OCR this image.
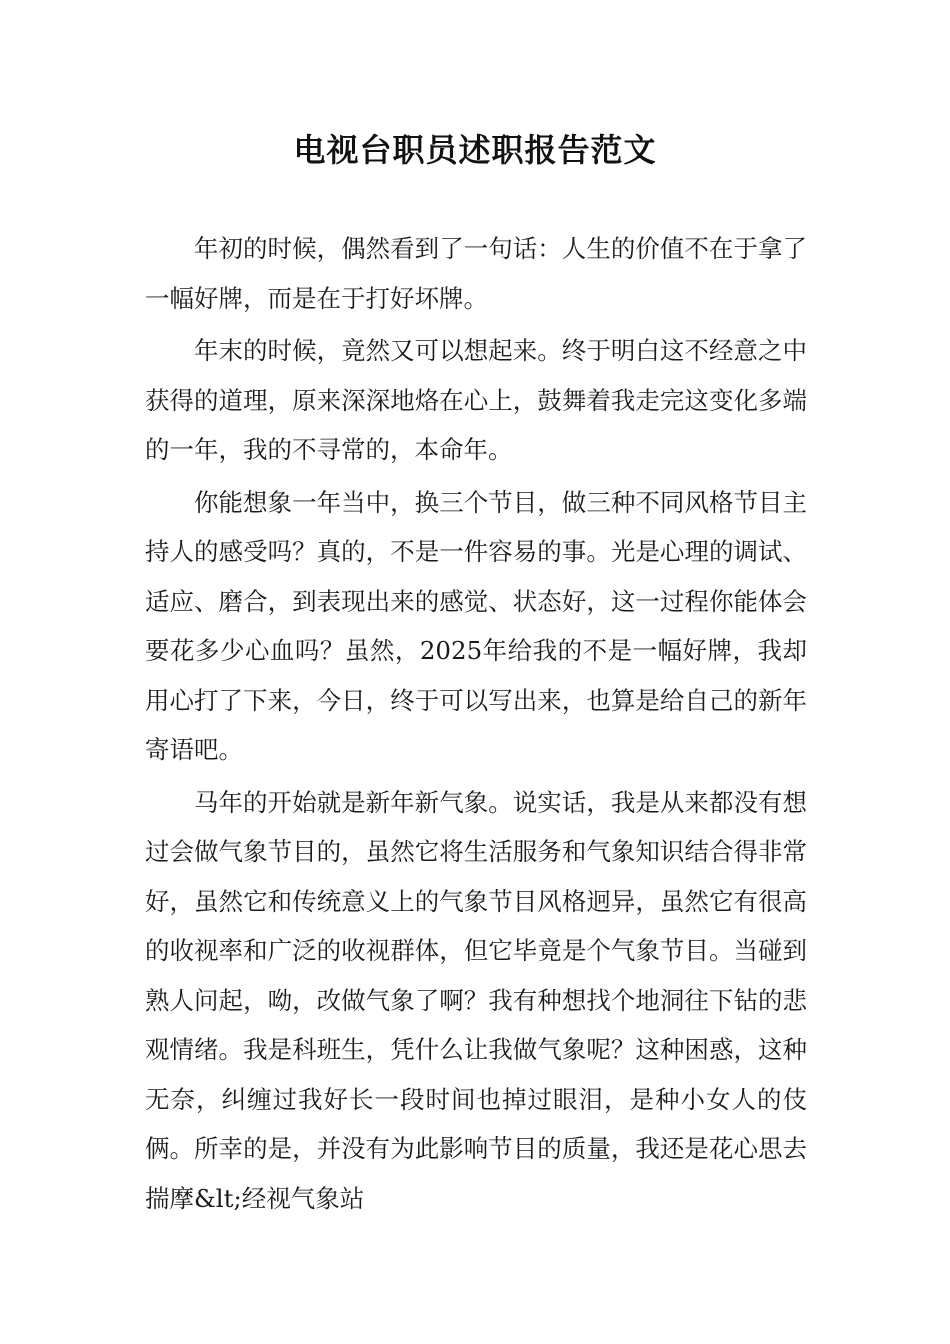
电视台职员述职报告范文

年初的时候，偶然看到了一句话：人生的价值不在于拿了一幅好牌，而是在于打好坏牌。

年末的时候，竟然又可以想起来。终于明白这不经意之中获得的道理，原来深深地烙在心上，鼓舞着我走完这变化多端的一年，我的不寻常的，本命年。

你能想象一年当中，换三个节目，做三种不同风格节目主持人的感受吗？真的，不是一件容易的事。光是心理的调试、适应、磨合，到表现出来的感觉、状态好，这一过程你能体会要花多少心血吗？虽然，2025年给我的不是一幅好牌，我却用心打了下来，今日，终于可以写出来，也算是给自己的新年寄语吧。

马年的开始就是新年新气象。说实话，我是从来都没有想过会做气象节目的，虽然它将生活服务和气象知识结合得非常好，虽然它和传统意义上的气象节目风格迥异，虽然它有很高的收视率和广泛的收视群体，但它毕竟是个气象节目。当碰到熟人问起，呦，改做气象了啊？我有种想找个地洞往下钻的悲观情绪。我是科班生，凭什么让我做气象呢？这种困惑，这种无奈，纠缠过我好长一段时间也掉过眼泪，是种小女人的伎俩。所幸的是，并没有为此影响节目的质量，我还是花心思去揣摩&lt;经视气象站
